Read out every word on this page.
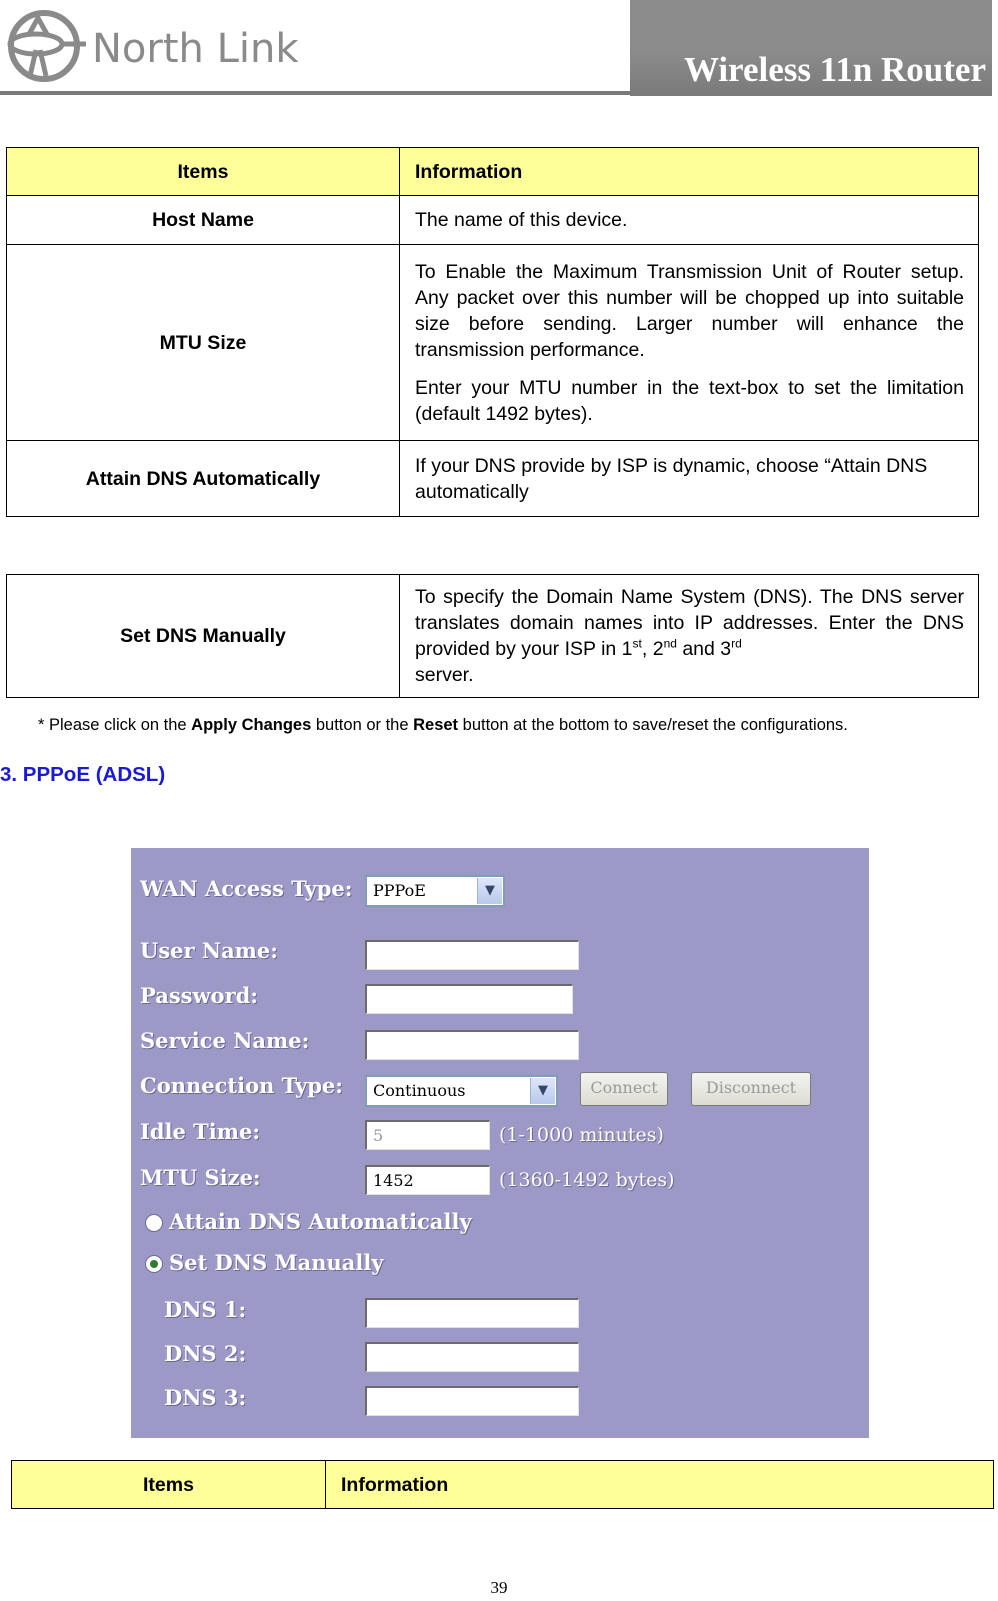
North Link	Wireless 11n Router
Items	Information
Host Name	The name of this device.

MTU Size	To Enable the Maximum Transmission Unit of Router setup. Any packet over this number will be chopped up into suitable size before sending. Larger number will enhance the transmission performance.

Enter your MTU number in the text-box to set the limitation (default 1492 bytes).

Attain DNS Automatically	If your DNS provide by ISP is dynamic, choose “Attain DNS automatically

Set DNS Manually	To specify the Domain Name System (DNS). The DNS server translates domain names into IP addresses. Enter the DNS provided by your ISP in 1st, 2nd and 3rd
server.
* Please click on the Apply Changes button or the Reset button at the bottom to save/reset the configurations.
3. PPPoE (ADSL)
WAN Access Type:	PPPoE	▼
User Name:
Password:
Service Name:
Connection Type:	Continuous	▼	Connect	Disconnect
Idle Time:	5	(1-1000 minutes)
MTU Size:	1452	(1360-1492 bytes)
Attain DNS Automatically
Set DNS Manually
DNS 1:
DNS 2:
DNS 3:
Items	Information
39
